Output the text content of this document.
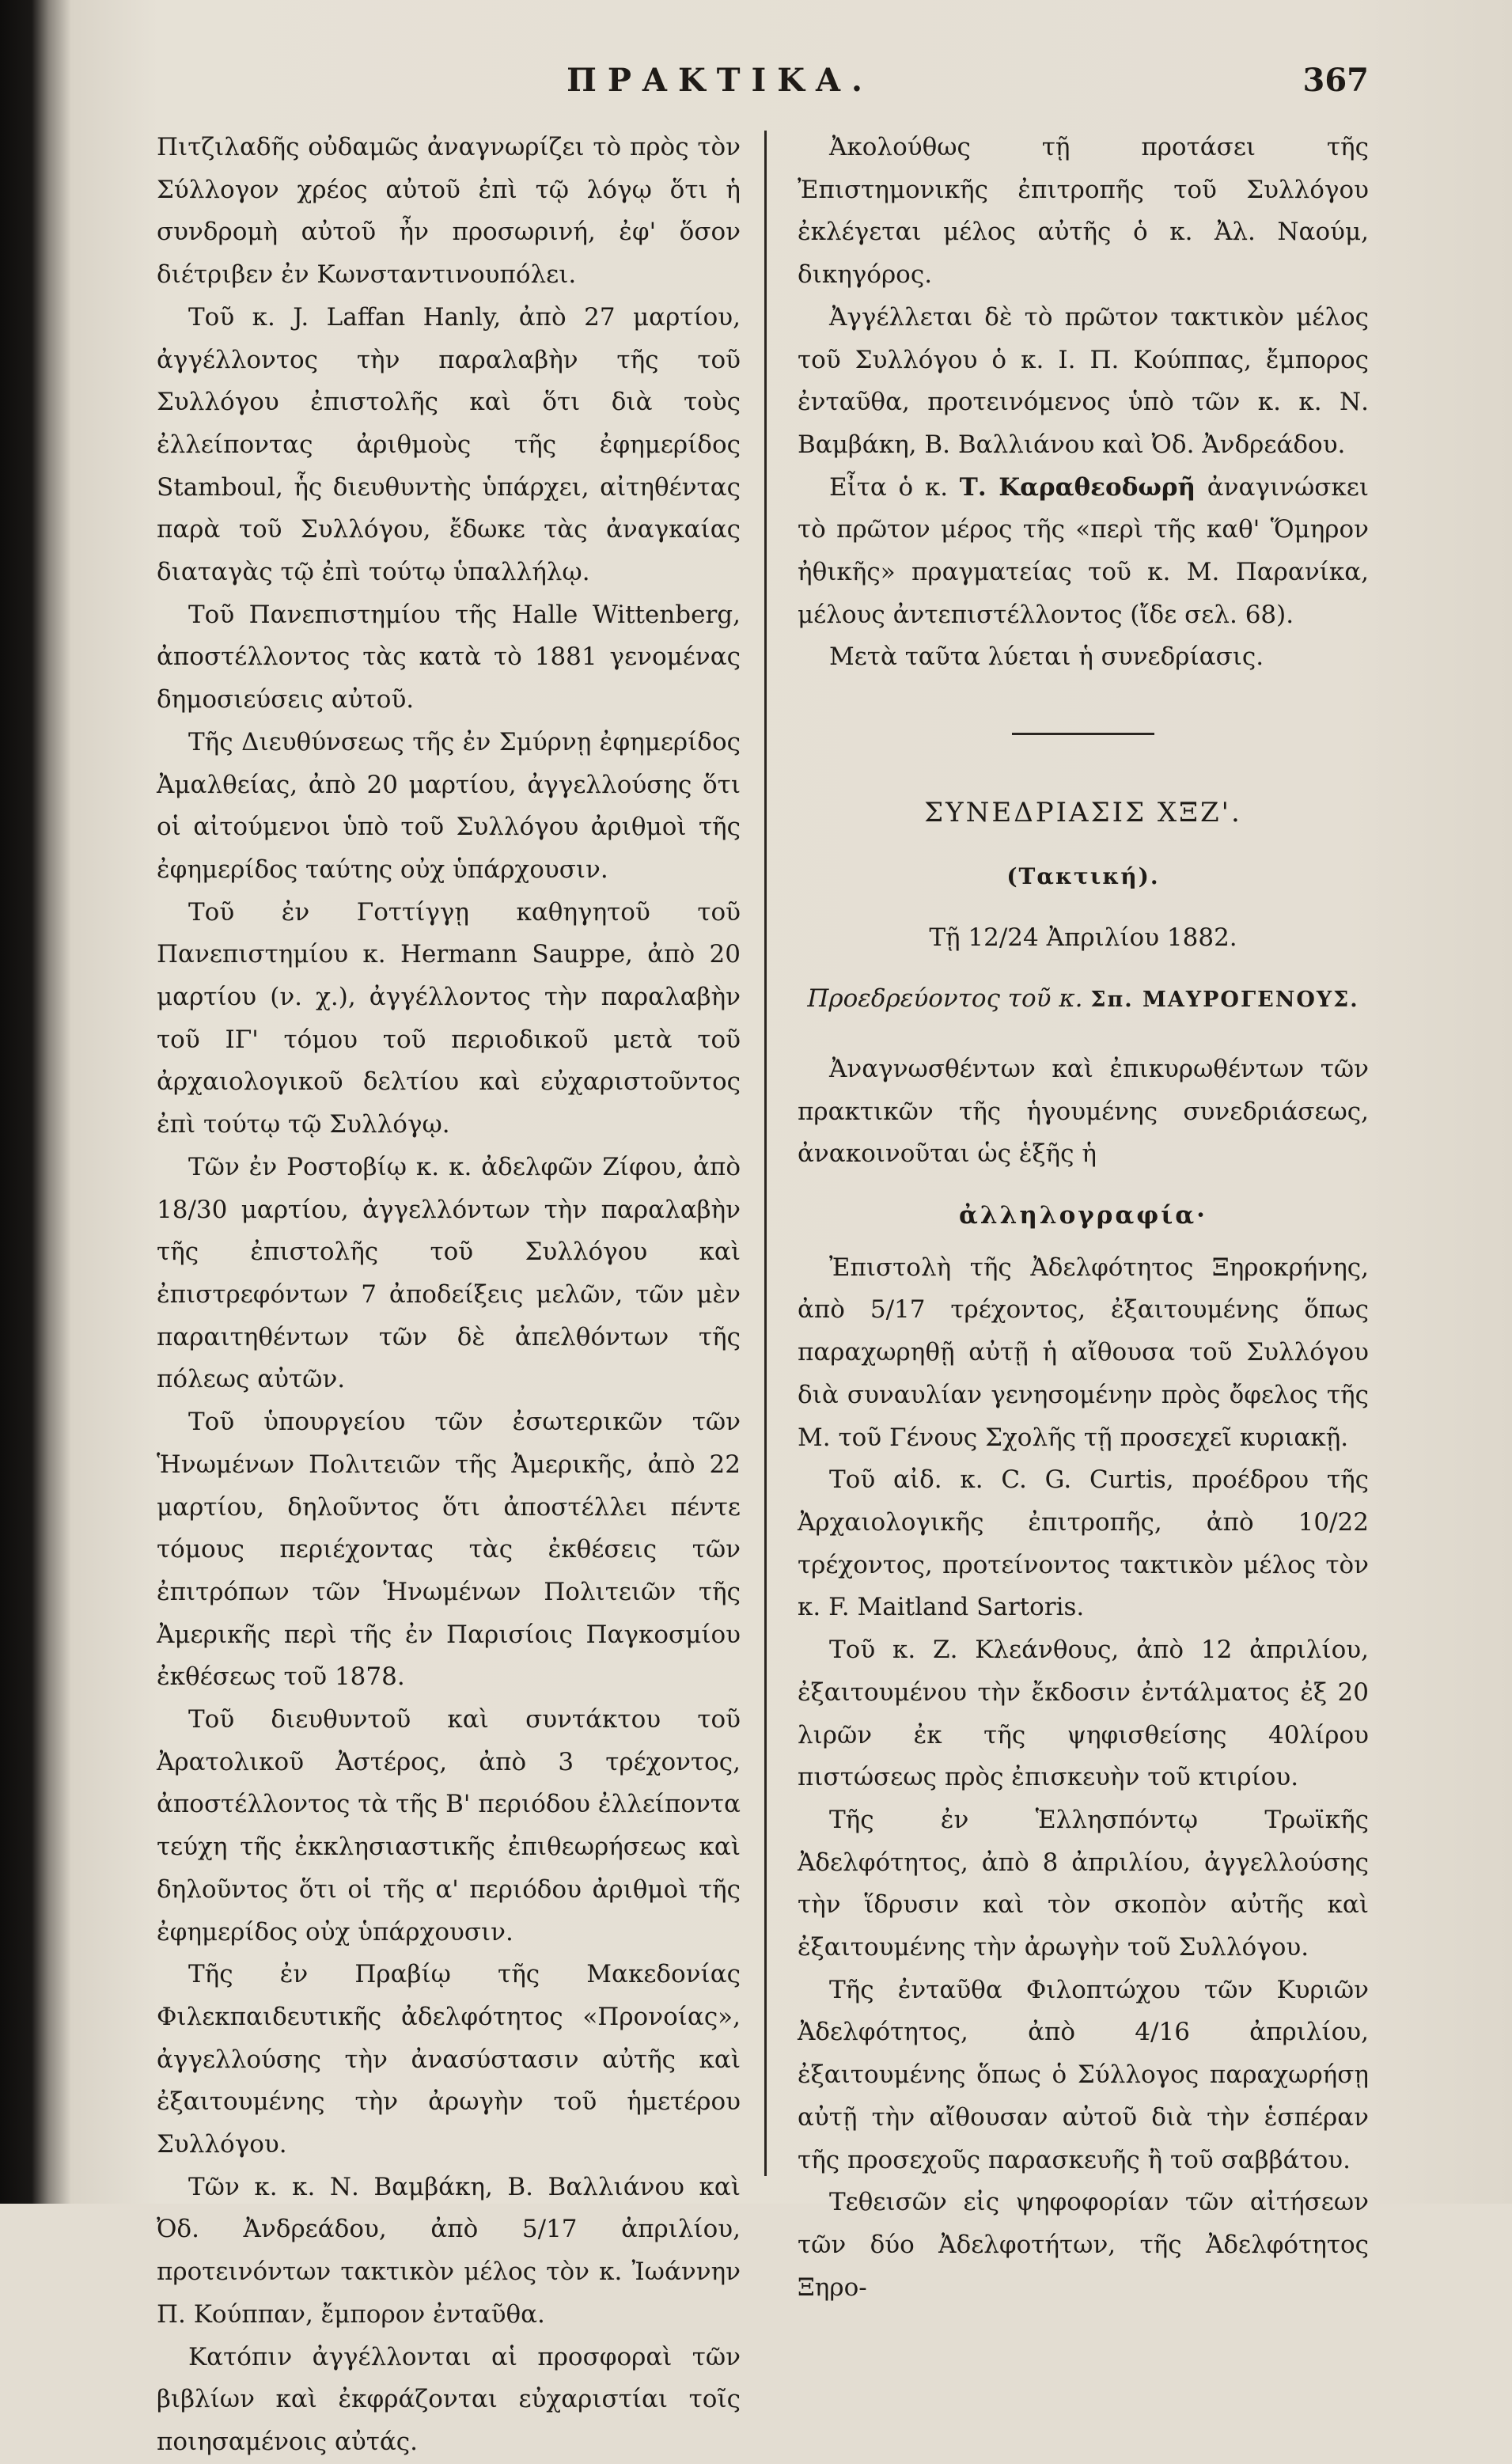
ΠΡΑΚΤΙΚΑ.	367

Πιτζιλαδῆς οὐδαμῶς ἀναγνωρίζει τὸ πρὸς τὸν Σύλλογον χρέος αὐτοῦ ἐπὶ τῷ λόγῳ ὅτι ἡ συνδρομὴ αὐτοῦ ἦν προσωρινή, ἐφ' ὅσον διέτριβεν ἐν Κωνσταντινουπόλει.

Τοῦ κ. J. Laffan Hanly, ἀπὸ 27 μαρτίου, ἀγγέλλοντος τὴν παραλαβὴν τῆς τοῦ Συλλόγου ἐπιστολῆς καὶ ὅτι διὰ τοὺς ἐλλείποντας ἀριθμοὺς τῆς ἐφημερίδος Stamboul, ἧς διευθυντὴς ὑπάρχει, αἰτηθέντας παρὰ τοῦ Συλλόγου, ἔδωκε τὰς ἀναγκαίας διαταγὰς τῷ ἐπὶ τούτῳ ὑπαλλήλῳ.

Τοῦ Πανεπιστημίου τῆς Halle Wittenberg, ἀποστέλλοντος τὰς κατὰ τὸ 1881 γενομένας δημοσιεύσεις αὐτοῦ.

Τῆς Διευθύνσεως τῆς ἐν Σμύρνῃ ἐφημερίδος Ἀμαλθείας, ἀπὸ 20 μαρτίου, ἀγγελλούσης ὅτι οἱ αἰτούμενοι ὑπὸ τοῦ Συλλόγου ἀριθμοὶ τῆς ἐφημερίδος ταύτης οὐχ ὑπάρχουσιν.

Τοῦ ἐν Γοττίγγῃ καθηγητοῦ τοῦ Πανεπιστημίου κ. Hermann Sauppe, ἀπὸ 20 μαρτίου (ν. χ.), ἀγγέλλοντος τὴν παραλαβὴν τοῦ ΙΓ' τόμου τοῦ περιοδικοῦ μετὰ τοῦ ἀρχαιολογικοῦ δελτίου καὶ εὐχαριστοῦντος ἐπὶ τούτῳ τῷ Συλλόγῳ.

Τῶν ἐν Ροστοβίῳ κ. κ. ἀδελφῶν Ζίφου, ἀπὸ 18/30 μαρτίου, ἀγγελλόντων τὴν παραλαβὴν τῆς ἐπιστολῆς τοῦ Συλλόγου καὶ ἐπιστρεφόντων 7 ἀποδείξεις μελῶν, τῶν μὲν παραιτηθέντων τῶν δὲ ἀπελθόντων τῆς πόλεως αὐτῶν.

Τοῦ ὑπουργείου τῶν ἐσωτερικῶν τῶν Ἡνωμένων Πολιτειῶν τῆς Ἀμερικῆς, ἀπὸ 22 μαρτίου, δηλοῦντος ὅτι ἀποστέλλει πέντε τόμους περιέχοντας τὰς ἐκθέσεις τῶν ἐπιτρόπων τῶν Ἡνωμένων Πολιτειῶν τῆς Ἀμερικῆς περὶ τῆς ἐν Παρισίοις Παγκοσμίου ἐκθέσεως τοῦ 1878.

Τοῦ διευθυντοῦ καὶ συντάκτου τοῦ Ἀρατολικοῦ Ἀστέρος, ἀπὸ 3 τρέχοντος, ἀποστέλλοντος τὰ τῆς Β' περιόδου ἐλλείποντα τεύχη τῆς ἐκκλησιαστικῆς ἐπιθεωρήσεως καὶ δηλοῦντος ὅτι οἱ τῆς α' περιόδου ἀριθμοὶ τῆς ἐφημερίδος οὐχ ὑπάρχουσιν.

Τῆς ἐν Πραβίῳ τῆς Μακεδονίας Φιλεκπαιδευτικῆς ἀδελφότητος «Προνοίας», ἀγγελλούσης τὴν ἀνασύστασιν αὐτῆς καὶ ἐξαιτουμένης τὴν ἀρωγὴν τοῦ ἡμετέρου Συλλόγου.

Τῶν κ. κ. Ν. Βαμβάκη, Β. Βαλλιάνου καὶ Ὀδ. Ἀνδρεάδου, ἀπὸ 5/17 ἀπριλίου, προτεινόντων τακτικὸν μέλος τὸν κ. Ἰωάννην Π. Κούππαν, ἔμπορον ἐνταῦθα.

Κατόπιν ἀγγέλλονται αἱ προσφοραὶ τῶν βιβλίων καὶ ἐκφράζονται εὐχαριστίαι τοῖς ποιησαμένοις αὐτάς.

Ἀκολούθως τῇ προτάσει τῆς Ἐπιστημονικῆς ἐπιτροπῆς τοῦ Συλλόγου ἐκλέγεται μέλος αὐτῆς ὁ κ. Ἀλ. Ναούμ, δικηγόρος.

Ἀγγέλλεται δὲ τὸ πρῶτον τακτικὸν μέλος τοῦ Συλλόγου ὁ κ. Ι. Π. Κούππας, ἔμπορος ἐνταῦθα, προτεινόμενος ὑπὸ τῶν κ. κ. Ν. Βαμβάκη, Β. Βαλλιάνου καὶ Ὀδ. Ἀνδρεάδου.

Εἶτα ὁ κ. Τ. Καραθεοδωρῆ ἀναγινώσκει τὸ πρῶτον μέρος τῆς «περὶ τῆς καθ' Ὅμηρον ἠθικῆς» πραγματείας τοῦ κ. Μ. Παρανίκα, μέλους ἀντεπιστέλλοντος (ἴδε σελ. 68).

Μετὰ ταῦτα λύεται ἡ συνεδρίασις.

ΣΥΝΕΔΡΙΑΣΙΣ ΧΞΖ'.

(Τακτική).

Τῇ 12/24 Ἀπριλίου 1882.

Προεδρεύοντος τοῦ κ. Σπ. ΜΑΥΡΟΓΕΝΟΥΣ.

Ἀναγνωσθέντων καὶ ἐπικυρωθέντων τῶν πρακτικῶν τῆς ἡγουμένης συνεδριάσεως, ἀνακοινοῦται ὡς ἑξῆς ἡ

ἀλληλογραφία·

Ἐπιστολὴ τῆς Ἀδελφότητος Ξηροκρήνης, ἀπὸ 5/17 τρέχοντος, ἐξαιτουμένης ὅπως παραχωρηθῇ αὐτῇ ἡ αἴθουσα τοῦ Συλλόγου διὰ συναυλίαν γενησομένην πρὸς ὄφελος τῆς Μ. τοῦ Γένους Σχολῆς τῇ προσεχεῖ κυριακῇ.

Τοῦ αἰδ. κ. C. G. Curtis, προέδρου τῆς Ἀρχαιολογικῆς ἐπιτροπῆς, ἀπὸ 10/22 τρέχοντος, προτείνοντος τακτικὸν μέλος τὸν κ. F. Maitland Sartoris.

Τοῦ κ. Ζ. Κλεάνθους, ἀπὸ 12 ἀπριλίου, ἐξαιτουμένου τὴν ἔκδοσιν ἐντάλματος ἐξ 20 λιρῶν ἐκ τῆς ψηφισθείσης 40λίρου πιστώσεως πρὸς ἐπισκευὴν τοῦ κτιρίου.

Τῆς ἐν Ἑλλησπόντῳ Τρωϊκῆς Ἀδελφότητος, ἀπὸ 8 ἀπριλίου, ἀγγελλούσης τὴν ἵδρυσιν καὶ τὸν σκοπὸν αὐτῆς καὶ ἐξαιτουμένης τὴν ἀρωγὴν τοῦ Συλλόγου.

Τῆς ἐνταῦθα Φιλοπτώχου τῶν Κυριῶν Ἀδελφότητος, ἀπὸ 4/16 ἀπριλίου, ἐξαιτουμένης ὅπως ὁ Σύλλογος παραχωρήσῃ αὐτῇ τὴν αἴθουσαν αὐτοῦ διὰ τὴν ἑσπέραν τῆς προσεχοῦς παρασκευῆς ἢ τοῦ σαββάτου.

Τεθεισῶν εἰς ψηφοφορίαν τῶν αἰτήσεων τῶν δύο Ἀδελφοτήτων, τῆς Ἀδελφότητος Ξηρο-
